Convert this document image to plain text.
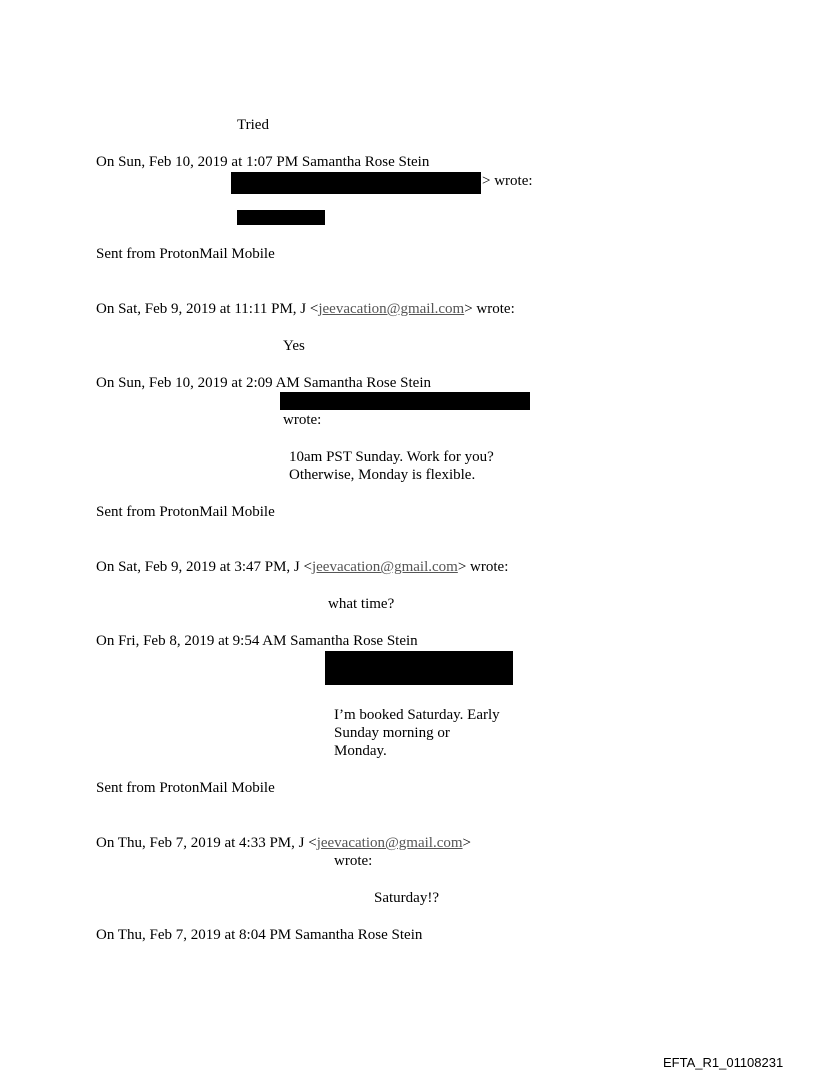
Tried
On Sun, Feb 10, 2019 at 1:07 PM Samantha Rose Stein
> wrote:
Sent from ProtonMail Mobile
On Sat, Feb 9, 2019 at 11:11 PM, J <jeevacation@gmail.com> wrote:
Yes
On Sun, Feb 10, 2019 at 2:09 AM Samantha Rose Stein
wrote:
10am PST Sunday. Work for you?
Otherwise, Monday is flexible.
Sent from ProtonMail Mobile
On Sat, Feb 9, 2019 at 3:47 PM, J <jeevacation@gmail.com> wrote:
what time?
On Fri, Feb 8, 2019 at 9:54 AM Samantha Rose Stein
I’m booked Saturday. Early
Sunday morning or
Monday.
Sent from ProtonMail Mobile
On Thu, Feb 7, 2019 at 4:33 PM, J <jeevacation@gmail.com>
wrote:
Saturday!?
On Thu, Feb 7, 2019 at 8:04 PM Samantha Rose Stein
EFTA_R1_01108231
